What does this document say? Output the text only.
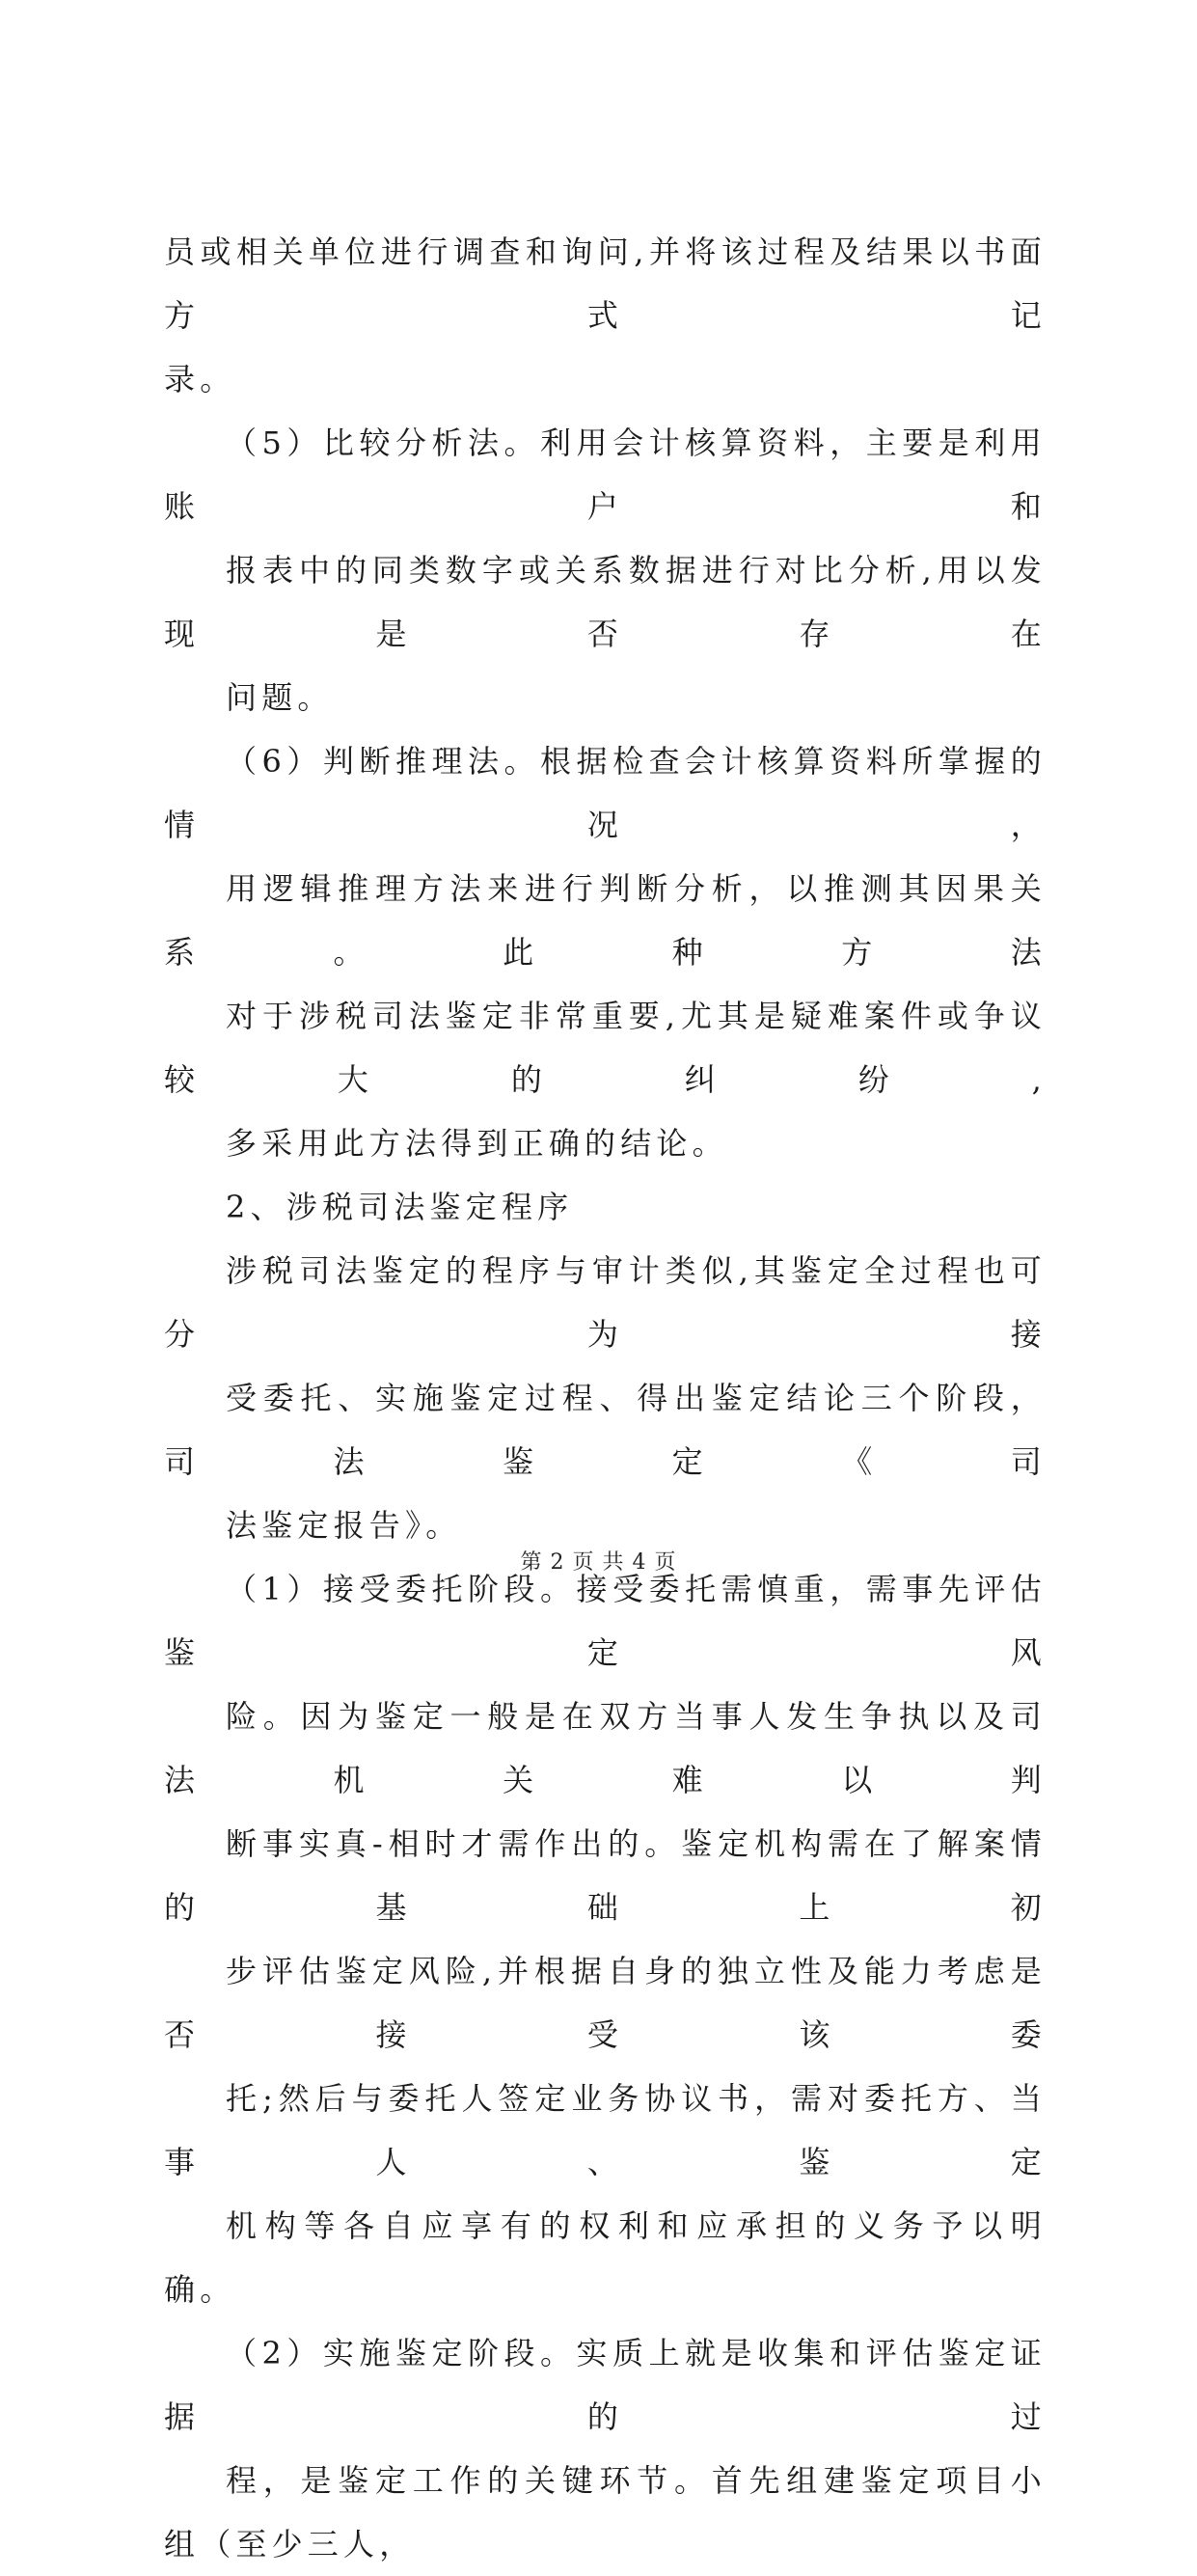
员或相关单位进行调查和询问,并将该过程及结果以书面方式记
录。

（5）比较分析法。利用会计核算资料，主要是利用账户和
报表中的同类数字或关系数据进行对比分析,用以发现是否存在
问题。

（6）判断推理法。根据检查会计核算资料所掌握的情况，
用逻辑推理方法来进行判断分析，以推测其因果关系。此种方法
对于涉税司法鉴定非常重要,尤其是疑难案件或争议较大的纠纷,
多采用此方法得到正确的结论。

2、涉税司法鉴定程序

涉税司法鉴定的程序与审计类似,其鉴定全过程也可分为接
受委托、实施鉴定过程、得出鉴定结论三个阶段，司法鉴定《司
法鉴定报告》。

（1）接受委托阶段。接受委托需慎重，需事先评估鉴定风
险。因为鉴定一般是在双方当事人发生争执以及司法机关难以判
断事实真-相时才需作出的。鉴定机构需在了解案情的基础上初
步评估鉴定风险,并根据自身的独立性及能力考虑是否接受该委
托;然后与委托人签定业务协议书，需对委托方、当事人、鉴定
机构等各自应享有的权利和应承担的义务予以明确。

（2）实施鉴定阶段。实质上就是收集和评估鉴定证据的过
程，是鉴定工作的关键环节。首先组建鉴定项目小组（至少三人，

第 2 页 共 4 页
